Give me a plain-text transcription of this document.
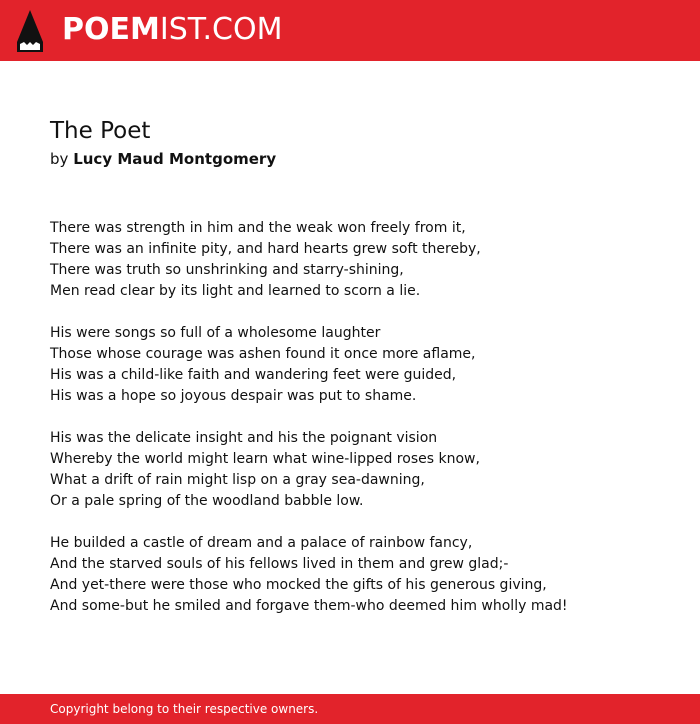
POEMIST.COM
The Poet
by Lucy Maud Montgomery
There was strength in him and the weak won freely from it,
There was an infinite pity, and hard hearts grew soft thereby,
There was truth so unshrinking and starry-shining,
Men read clear by its light and learned to scorn a lie.
His were songs so full of a wholesome laughter
Those whose courage was ashen found it once more aflame,
His was a child-like faith and wandering feet were guided,
His was a hope so joyous despair was put to shame.
His was the delicate insight and his the poignant vision
Whereby the world might learn what wine-lipped roses know,
What a drift of rain might lisp on a gray sea-dawning,
Or a pale spring of the woodland babble low.
He builded a castle of dream and a palace of rainbow fancy,
And the starved souls of his fellows lived in them and grew glad;-
And yet-there were those who mocked the gifts of his generous giving,
And some-but he smiled and forgave them-who deemed him wholly mad!
Copyright belong to their respective owners.
